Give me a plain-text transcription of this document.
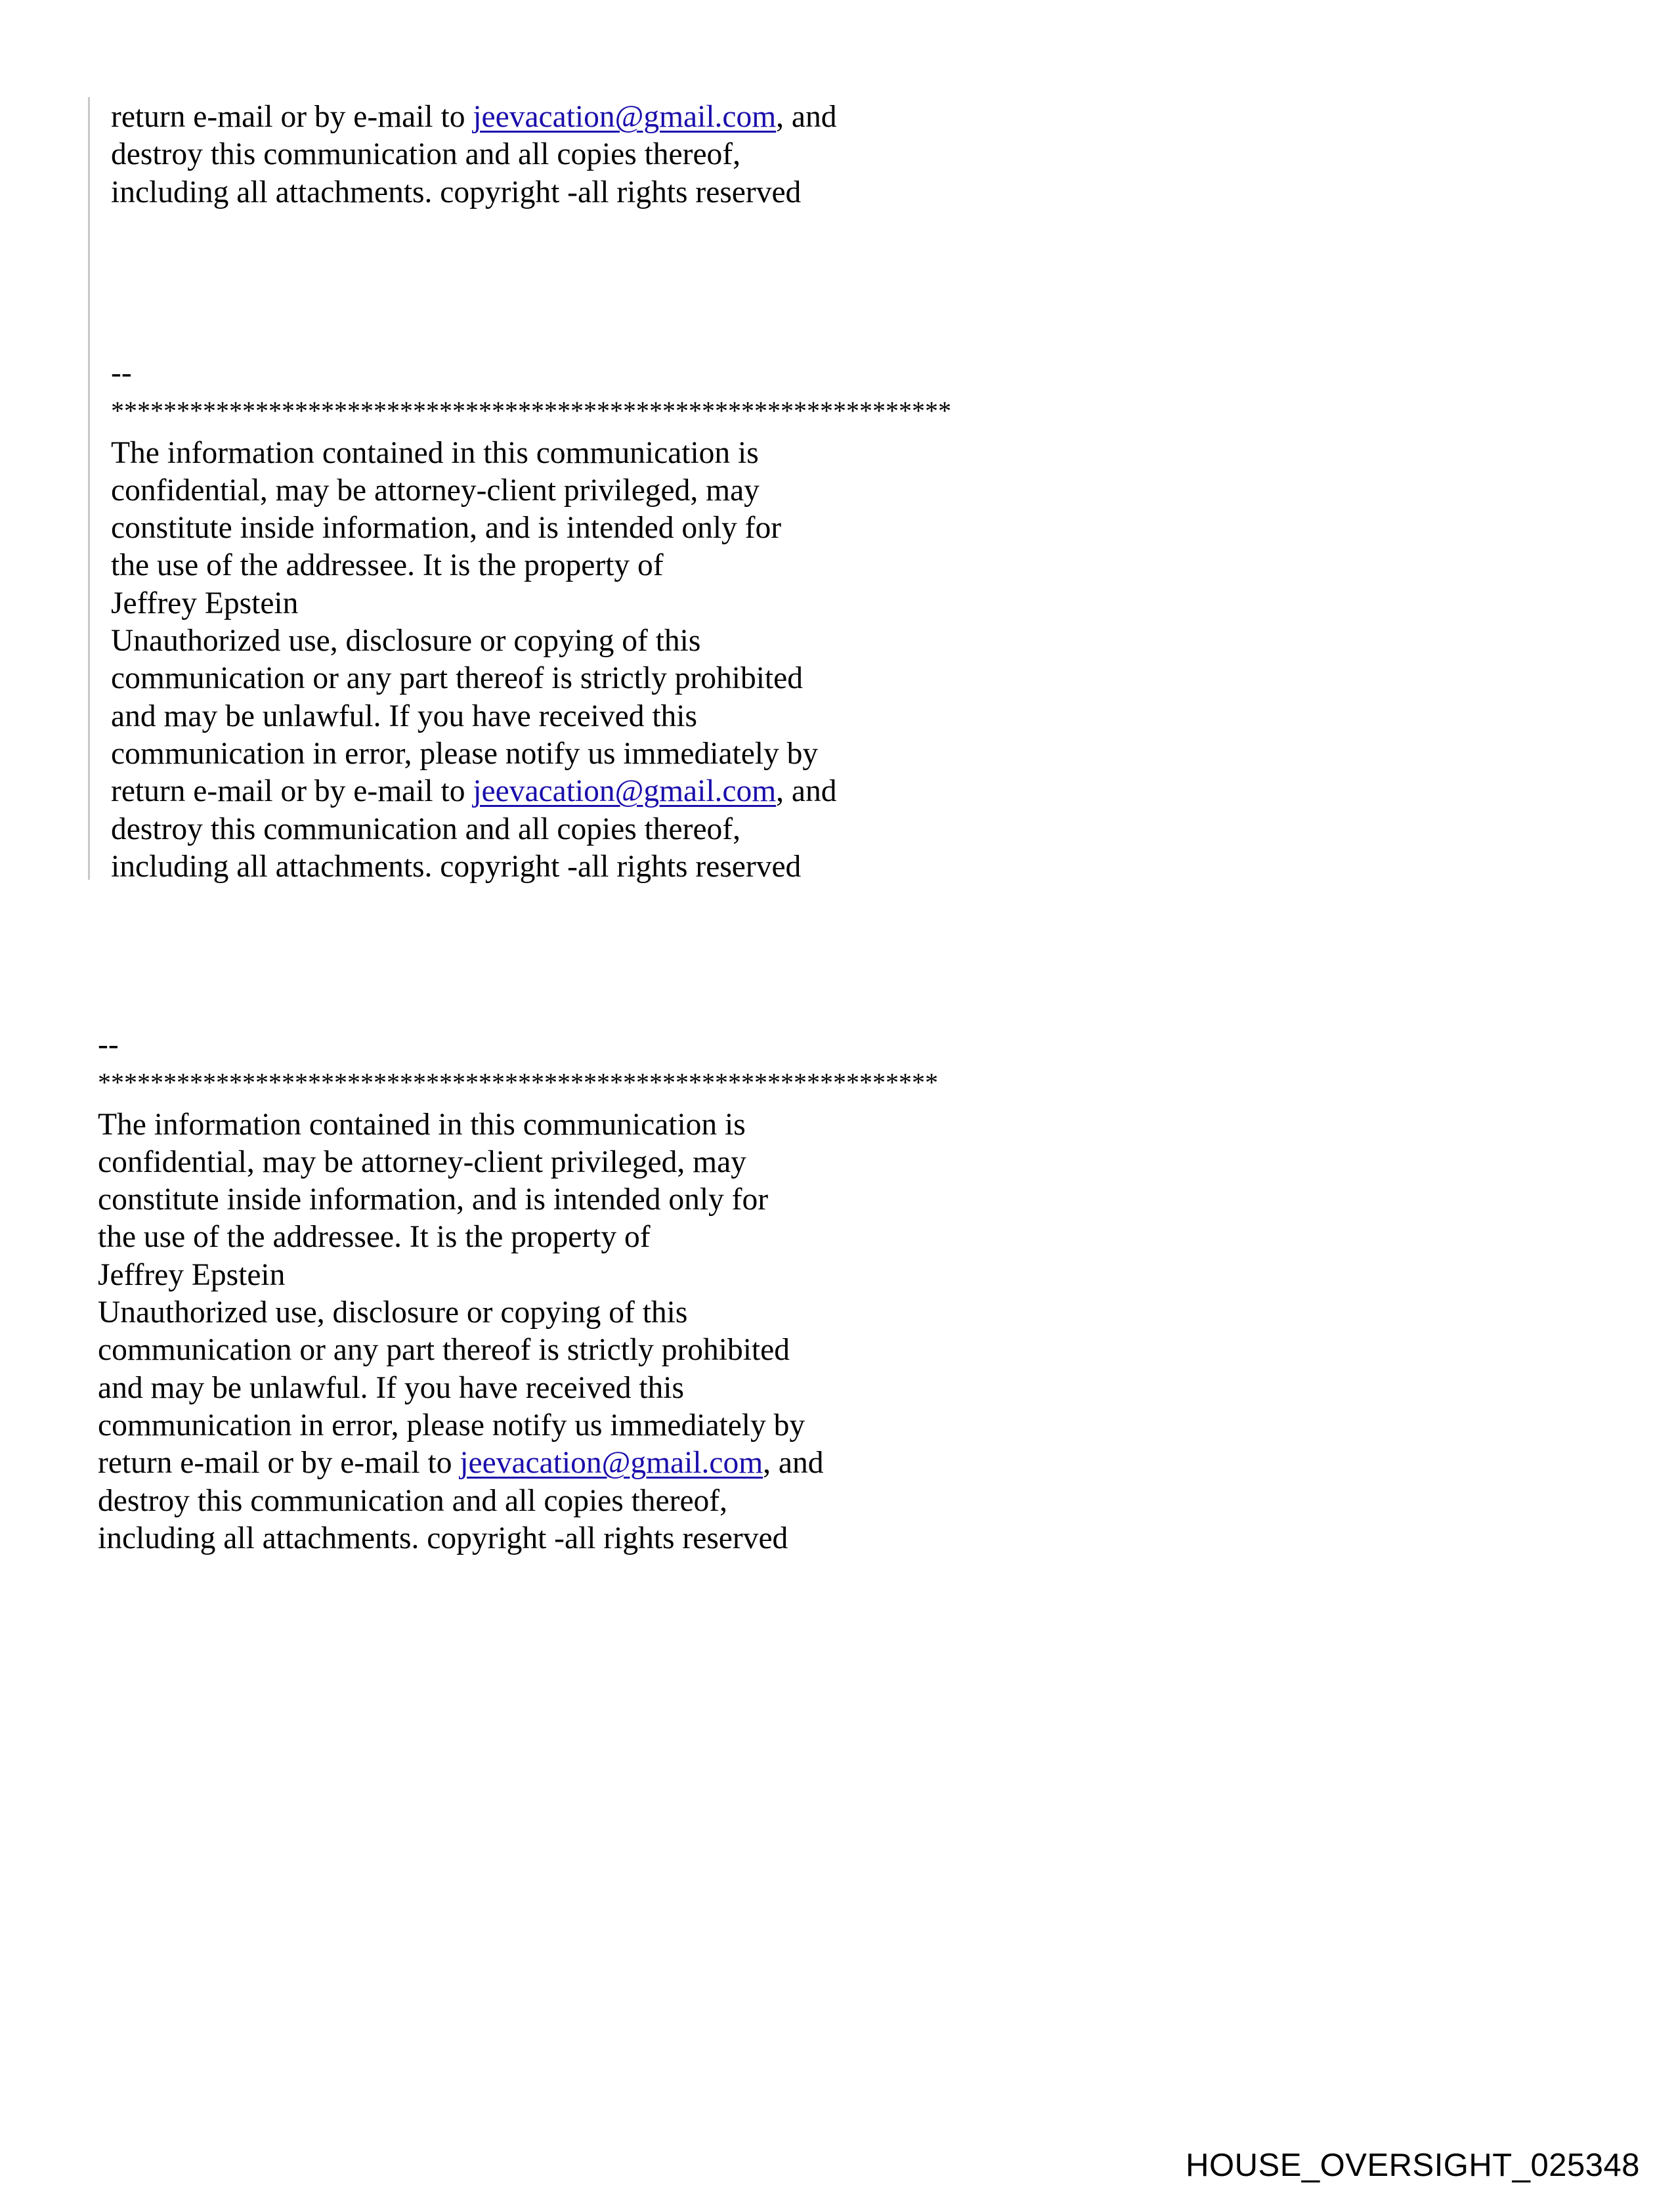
return e-mail or by e-mail to jeevacation@gmail.com, and
destroy this communication and all copies thereof,
including all attachments. copyright -all rights reserved
--
****************************************************************
The information contained in this communication is
confidential, may be attorney-client privileged, may
constitute inside information, and is intended only for
the use of the addressee. It is the property of
Jeffrey Epstein
Unauthorized use, disclosure or copying of this
communication or any part thereof is strictly prohibited
and may be unlawful. If you have received this
communication in error, please notify us immediately by
return e-mail or by e-mail to jeevacation@gmail.com, and
destroy this communication and all copies thereof,
including all attachments. copyright -all rights reserved
--
****************************************************************
The information contained in this communication is
confidential, may be attorney-client privileged, may
constitute inside information, and is intended only for
the use of the addressee. It is the property of
Jeffrey Epstein
Unauthorized use, disclosure or copying of this
communication or any part thereof is strictly prohibited
and may be unlawful. If you have received this
communication in error, please notify us immediately by
return e-mail or by e-mail to jeevacation@gmail.com, and
destroy this communication and all copies thereof,
including all attachments. copyright -all rights reserved
HOUSE_OVERSIGHT_025348
